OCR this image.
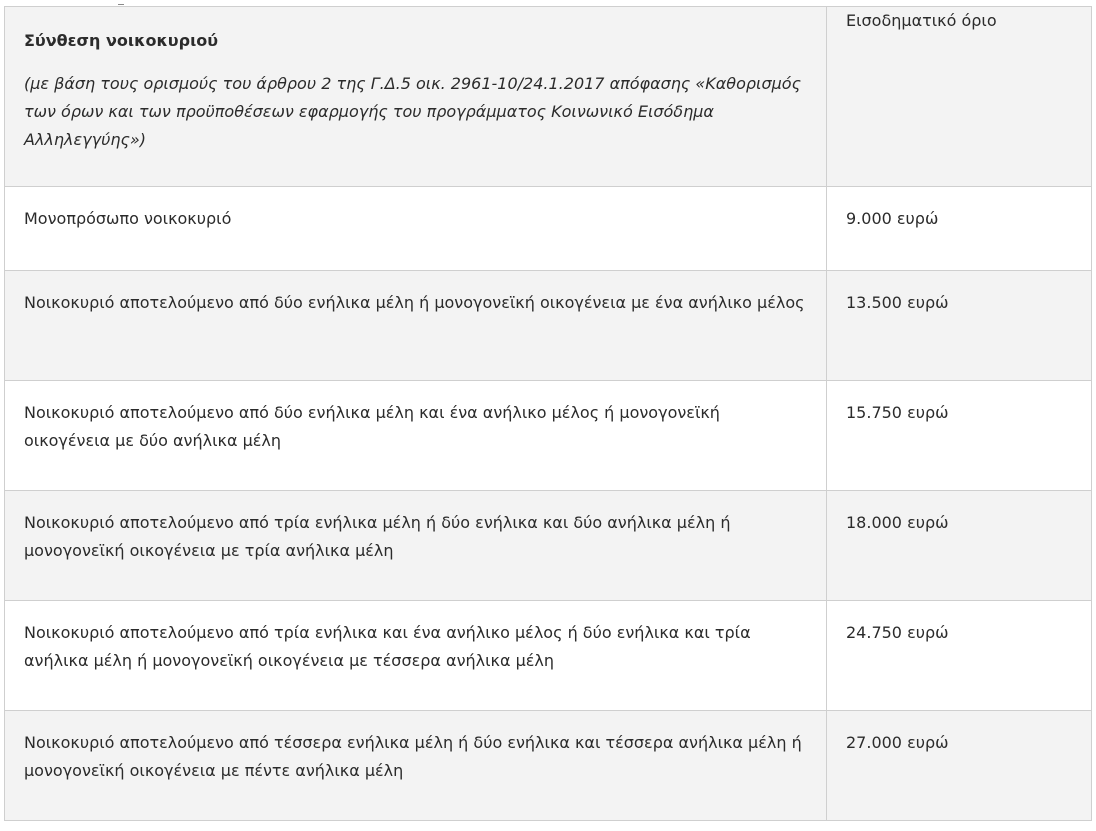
Σύνθεση νοικοκυριού

(με βάση τους ορισμούς του άρθρου 2 της Γ.Δ.5 οικ. 2961-10/24.1.2017 απόφασης «Καθορισμός των όρων και των προϋποθέσεων εφαρμογής του προγράμματος Κοινωνικό Εισόδημα Αλληλεγγύης»)	Εισοδηματικό όριο
Μονοπρόσωπο νοικοκυριό	9.000 ευρώ
Νοικοκυριό αποτελούμενο από δύο ενήλικα μέλη ή μονογονεϊκή οικογένεια με ένα ανήλικο μέλος	13.500 ευρώ
Νοικοκυριό αποτελούμενο από δύο ενήλικα μέλη και ένα ανήλικο μέλος ή μονογονεϊκή οικογένεια με δύο ανήλικα μέλη	15.750 ευρώ
Νοικοκυριό αποτελούμενο από τρία ενήλικα μέλη ή δύο ενήλικα και δύο ανήλικα μέλη ή μονογονεϊκή οικογένεια με τρία ανήλικα μέλη	18.000 ευρώ
Νοικοκυριό αποτελούμενο από τρία ενήλικα και ένα ανήλικο μέλος ή δύο ενήλικα και τρία ανήλικα μέλη ή μονογονεϊκή οικογένεια με τέσσερα ανήλικα μέλη	24.750 ευρώ
Νοικοκυριό αποτελούμενο από τέσσερα ενήλικα μέλη ή δύο ενήλικα και τέσσερα ανήλικα μέλη ή μονογονεϊκή οικογένεια με πέντε ανήλικα μέλη	27.000 ευρώ
